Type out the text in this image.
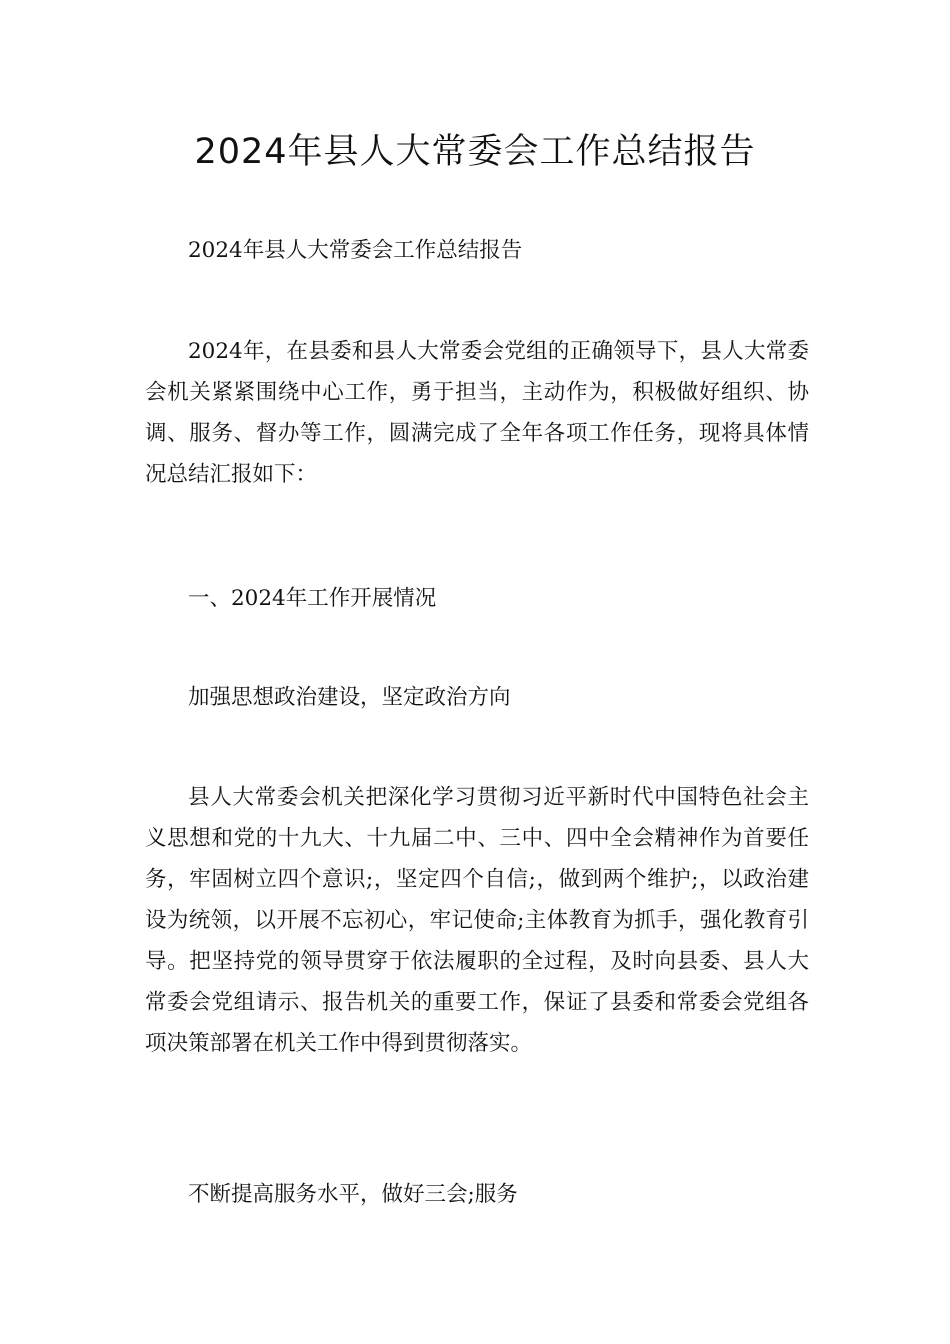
2024年县人大常委会工作总结报告

2024年县人大常委会工作总结报告

2024年，在县委和县人大常委会党组的正确领导下，县人大常委会机关紧紧围绕中心工作，勇于担当，主动作为，积极做好组织、协调、服务、督办等工作，圆满完成了全年各项工作任务，现将具体情况总结汇报如下：

一、2024年工作开展情况

加强思想政治建设，坚定政治方向

县人大常委会机关把深化学习贯彻习近平新时代中国特色社会主义思想和党的十九大、十九届二中、三中、四中全会精神作为首要任务，牢固树立四个意识;，坚定四个自信;，做到两个维护;，以政治建设为统领，以开展不忘初心，牢记使命;主体教育为抓手，强化教育引导。把坚持党的领导贯穿于依法履职的全过程，及时向县委、县人大常委会党组请示、报告机关的重要工作，保证了县委和常委会党组各项决策部署在机关工作中得到贯彻落实。

不断提高服务水平，做好三会;服务
